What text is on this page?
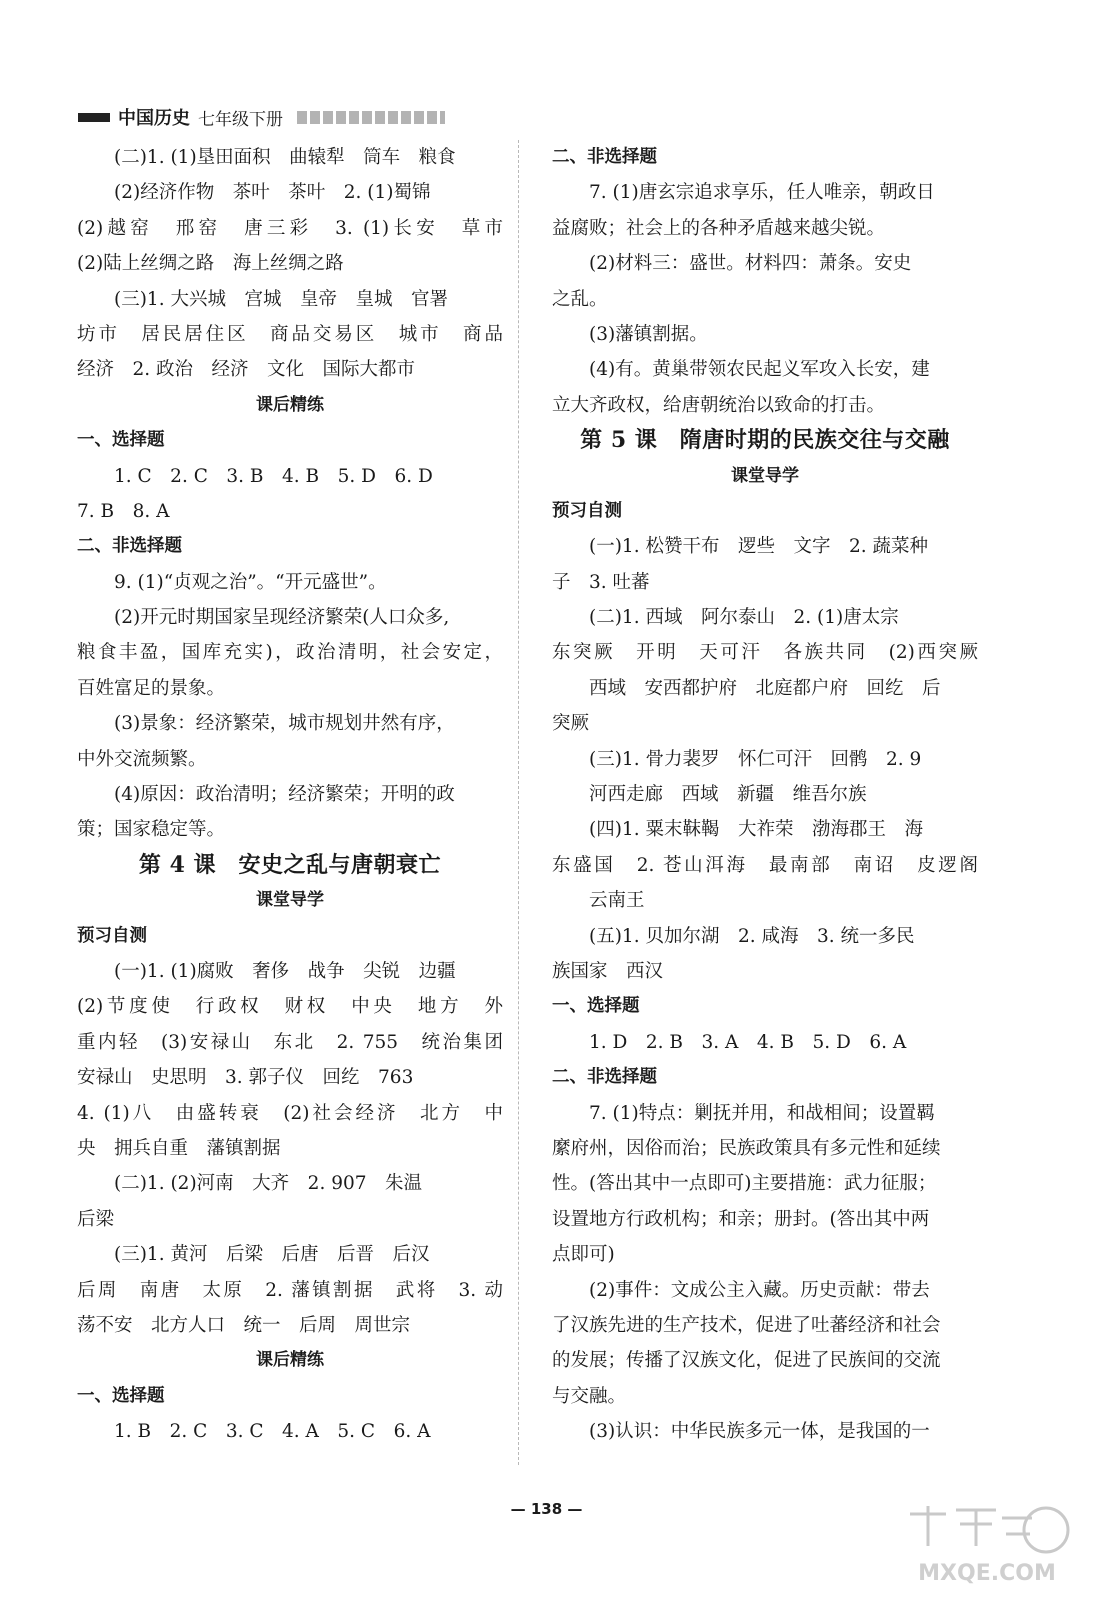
中国历史 七年级下册
(二)1. (1)垦田面积　曲辕犁　筒车　粮食
(2)经济作物　茶叶　茶叶　2. (1)蜀锦
(2)越窑　邢窑　唐三彩　3. (1)长安　草市
(2)陆上丝绸之路　海上丝绸之路
(三)1. 大兴城　宫城　皇帝　皇城　官署
坊市　居民居住区　商品交易区　城市　商品
经济　2. 政治　经济　文化　国际大都市
课后精练
一、选择题
1. C　2. C　3. B　4. B　5. D　6. D
7. B　8. A
二、非选择题
9. (1)“贞观之治”。“开元盛世”。
(2)开元时期国家呈现经济繁荣(人口众多,
粮食丰盈，国库充实)，政治清明，社会安定，
百姓富足的景象。
(3)景象：经济繁荣，城市规划井然有序，
中外交流频繁。
(4)原因：政治清明；经济繁荣；开明的政
策；国家稳定等。
第 4 课　安史之乱与唐朝衰亡
课堂导学
预习自测
(一)1. (1)腐败　奢侈　战争　尖锐　边疆
(2)节度使　行政权　财权　中央　地方　外
重内轻　(3)安禄山　东北　2. 755　统治集团
安禄山　史思明　3. 郭子仪　回纥　763
4. (1)八　由盛转衰　(2)社会经济　北方　中
央　拥兵自重　藩镇割据
(二)1. (2)河南　大齐　2. 907　朱温
后梁
(三)1. 黄河　后梁　后唐　后晋　后汉
后周　南唐　太原　2. 藩镇割据　武将　3. 动
荡不安　北方人口　统一　后周　周世宗
课后精练
一、选择题
1. B　2. C　3. C　4. A　5. C　6. A
二、非选择题
7. (1)唐玄宗追求享乐，任人唯亲，朝政日
益腐败；社会上的各种矛盾越来越尖锐。
(2)材料三：盛世。材料四：萧条。安史
之乱。
(3)藩镇割据。
(4)有。黄巢带领农民起义军攻入长安，建
立大齐政权，给唐朝统治以致命的打击。
第 5 课　隋唐时期的民族交往与交融
课堂导学
预习自测
(一)1. 松赞干布　逻些　文字　2. 蔬菜种
子　3. 吐蕃
(二)1. 西域　阿尔泰山　2. (1)唐太宗
东突厥　开明　天可汗　各族共同　(2)西突厥
西域　安西都护府　北庭都户府　回纥　后
突厥
(三)1. 骨力裴罗　怀仁可汗　回鹘　2. 9
河西走廊　西域　新疆　维吾尔族
(四)1. 粟末靺鞨　大祚荣　渤海郡王　海
东盛国　2. 苍山洱海　最南部　南诏　皮逻阁
云南王
(五)1. 贝加尔湖　2. 咸海　3. 统一多民
族国家　西汉
一、选择题
1. D　2. B　3. A　4. B　5. D　6. A
二、非选择题
7. (1)特点：剿抚并用，和战相间；设置羁
縻府州，因俗而治；民族政策具有多元性和延续
性。(答出其中一点即可)主要措施：武力征服；
设置地方行政机构；和亲；册封。(答出其中两
点即可)
(2)事件：文成公主入藏。历史贡献：带去
了汉族先进的生产技术，促进了吐蕃经济和社会
的发展；传播了汉族文化，促进了民族间的交流
与交融。
(3)认识：中华民族多元一体，是我国的一
— 138 —
MXQE.COM
